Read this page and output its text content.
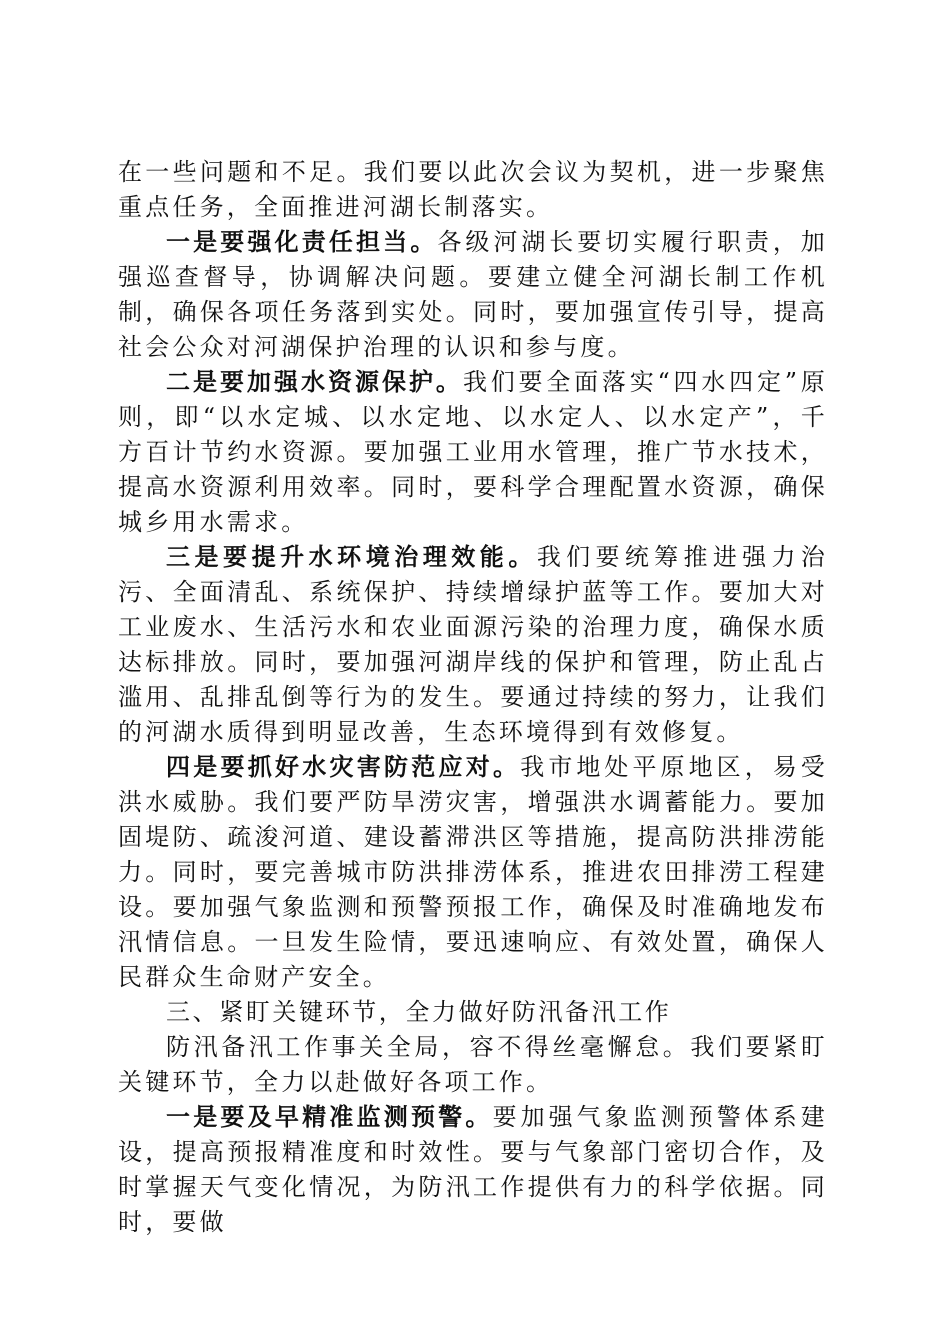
在一些问题和不足。我们要以此次会议为契机，进一步聚焦重点任务，全面推进河湖长制落实。

一是要强化责任担当。各级河湖长要切实履行职责，加强巡查督导，协调解决问题。要建立健全河湖长制工作机制，确保各项任务落到实处。同时，要加强宣传引导，提高社会公众对河湖保护治理的认识和参与度。

二是要加强水资源保护。我们要全面落实“四水四定”原则，即“以水定城、以水定地、以水定人、以水定产”，千方百计节约水资源。要加强工业用水管理，推广节水技术，提高水资源利用效率。同时，要科学合理配置水资源，确保城乡用水需求。

三是要提升水环境治理效能。我们要统筹推进强力治污、全面清乱、系统保护、持续增绿护蓝等工作。要加大对工业废水、生活污水和农业面源污染的治理力度，确保水质达标排放。同时，要加强河湖岸线的保护和管理，防止乱占滥用、乱排乱倒等行为的发生。要通过持续的努力，让我们的河湖水质得到明显改善，生态环境得到有效修复。

四是要抓好水灾害防范应对。我市地处平原地区，易受洪水威胁。我们要严防旱涝灾害，增强洪水调蓄能力。要加固堤防、疏浚河道、建设蓄滞洪区等措施，提高防洪排涝能力。同时，要完善城市防洪排涝体系，推进农田排涝工程建设。要加强气象监测和预警预报工作，确保及时准确地发布汛情信息。一旦发生险情，要迅速响应、有效处置，确保人民群众生命财产安全。

三、紧盯关键环节，全力做好防汛备汛工作

防汛备汛工作事关全局，容不得丝毫懈怠。我们要紧盯关键环节，全力以赴做好各项工作。

一是要及早精准监测预警。要加强气象监测预警体系建设，提高预报精准度和时效性。要与气象部门密切合作，及时掌握天气变化情况，为防汛工作提供有力的科学依据。同时，要做
